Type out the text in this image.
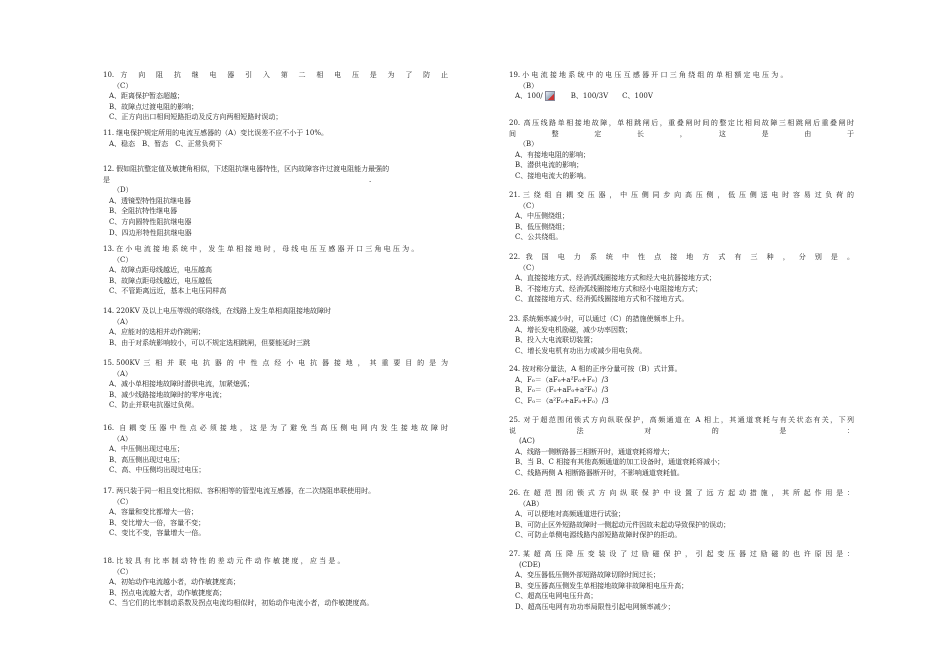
10. 方 向 阻 抗 继 电 器 引 入 第 二 相 电 压 是 为 了 防 止
（C）
A、距离保护暂态超越；
B、故障点过渡电阻的影响；
C、正方向出口相间短路拒动及反方向两相短路时误动；
11. 继电保护规定所用的电流互感器的（A）变比误差不应不小于 10%。
A、稳态　B、暂态　C、正常负荷下
12. 假如阻抗整定值及敏捷角相似，下述阻抗继电器特性，区内故障容许过渡电阻能力最强的
是　　　　　　　　　　　　　　　　　　　　　　　　　　　　　　　　　　　　　.
（D）
A、透镜型特性阻抗继电器
B、全阻抗特性继电器
C、方向圆特性阻抗继电器
D、四边形特性阻抗继电器
13. 在 小 电 流 接 地 系 统 中 ， 发 生 单 相 接 地 时 ， 母 线 电 压 互 感 器 开 口 三 角 电 压 为 。
（C）
A、故障点距母线越近，电压越高
B、故障点距母线越近，电压越低
C、不管距离远近，基本上电压同样高
14. 220KV 及以上电压等级的联络线，在线路上发生单相高阻接地故障时
（A）
A、应能对的选相并动作跳闸；
B、由于对系统影响较小，可以不规定选相跳闸，但要能延时三跳
15. 500KV 三 相 并 联 电 抗 器 的 中 性 点 经 小 电 抗 器 接 地 ， 其 重 要 目 的 是 为
（A）
A、减小单相接地故障时潜供电流，加紧熄弧；
B、减少线路接地故障时的零序电流；
C、防止并联电抗器过负荷。
16. 自耦变压器中性点必须接地，这是为了避免当高压侧电网内发生接地故障时
（A）
A、中压侧出现过电压；
B、高压侧出现过电压；
C、高、中压侧均出现过电压；
17. 两只装于同一相且变比相似、容积相等的管型电流互感器，在二次绕阻串联使用时。
（C）
A、容量和变比都增大一倍；
B、变比增大一倍，容量不变；
C、变比不变，容量增大一倍。
18. 比 较 具 有 比 率 制 动 特 性 的 差 动 元 件 动 作 敏 捷 度 ， 应 当 是 。
（C）
A、初始动作电流越小者，动作敏捷度高；
B、拐点电流越大者，动作敏捷度高；
C、当它们的比率制动系数及拐点电流均相似时，初始动作电流小者，动作敏捷度高。
19. 小 电 流 接 地 系 统 中 的 电 压 互 感 器 开 口 三 角 绕 组 的 单 相 额 定 电 压 为 。
（B）
A、100/　　	B、100/3V　　 C、100V
20. 高压线路单相接地故障，单相跳闸后，重叠闸时间的整定比相间故障三相跳闸后重叠闸时
间　　　　　整　　　　　定　　　　　长　　　　　，　　　　　这　　　　　是　　　　　由　　　　　于
（B）
A、有接地电阻的影响；
B、潜供电流的影响；
C、接地电流大的影响。
21. 三 绕 组 自 耦 变 压 器 ， 中 压 侧 同 步 向 高 压 侧 ， 低 压 侧 送 电 时 容 易 过 负 荷 的
（C）
A、中压侧绕组；
B、低压侧绕组；
C、公共绕组。
22. 我 国 电 力 系 统 中 性 点 接 地 方 式 有 三 种 ， 分 别 是 。
（C）
A、直接接地方式、经消弧线圈接地方式和经大电抗器接地方式；
B、不接地方式、经消弧线圈接地方式和经小电阻接地方式；
C、直接接地方式、经消弧线圈接地方式和不接地方式。
23. 系统频率减少时，可以通过（C）的措施使频率上升。
A、增长发电机励磁，减少功率因数；
B、投入大电流联切装置；
C、增长发电机有功出力或减少用电负荷。
24. 按对称分量法，A 相的正序分量可按（B）式计算。
A、F₀＝（aF₀+a²F₀+F₀）/3
B、F₀＝（F₀+aF₀+a²F₀）/3
C、F₀＝（a²F₀+aF₀+F₀）/3
25. 对于超范围闭锁式方向纵联保护，高频通道在 A 相上，其通道衰耗与有关状态有关，下列
说　　　　　　法　　　　　　对　　　　　　的　　　　　　是　　　　　　：
(AC)
A、线路一侧断路器三相断开时，通道衰耗将增大；
B、当 B、C 相接有其他高频通道的加工设备时，通道衰耗将减小；
C、线路两侧 A 相断路器断开时，不影响通道衰耗值。
26. 在 超 范 围 闭 锁 式 方 向 纵 联 保 护 中 设 置 了 远 方 起 动 措 施 ， 其 所 起 作 用 是 ：
（AB）
A、可以便地对高频通道进行试验；
B、可防止区外短路故障时一侧起动元件因故未起动导致保护的误动；
C、可防止单侧电源线路内部短路故障时保护的拒动。
27. 某 超 高 压 降 压 变 装 设 了 过 励 磁 保 护 ， 引 起 变 压 器 过 励 磁 的 也 许 原 因 是 ：
(CDE)
A、变压器低压侧外部短路故障切除时间过长；
B、变压器高压侧发生单相接地故障非故障相电压升高；
C、超高压电网电压升高；
D、超高压电网有功功率局限性引起电网频率减少；
